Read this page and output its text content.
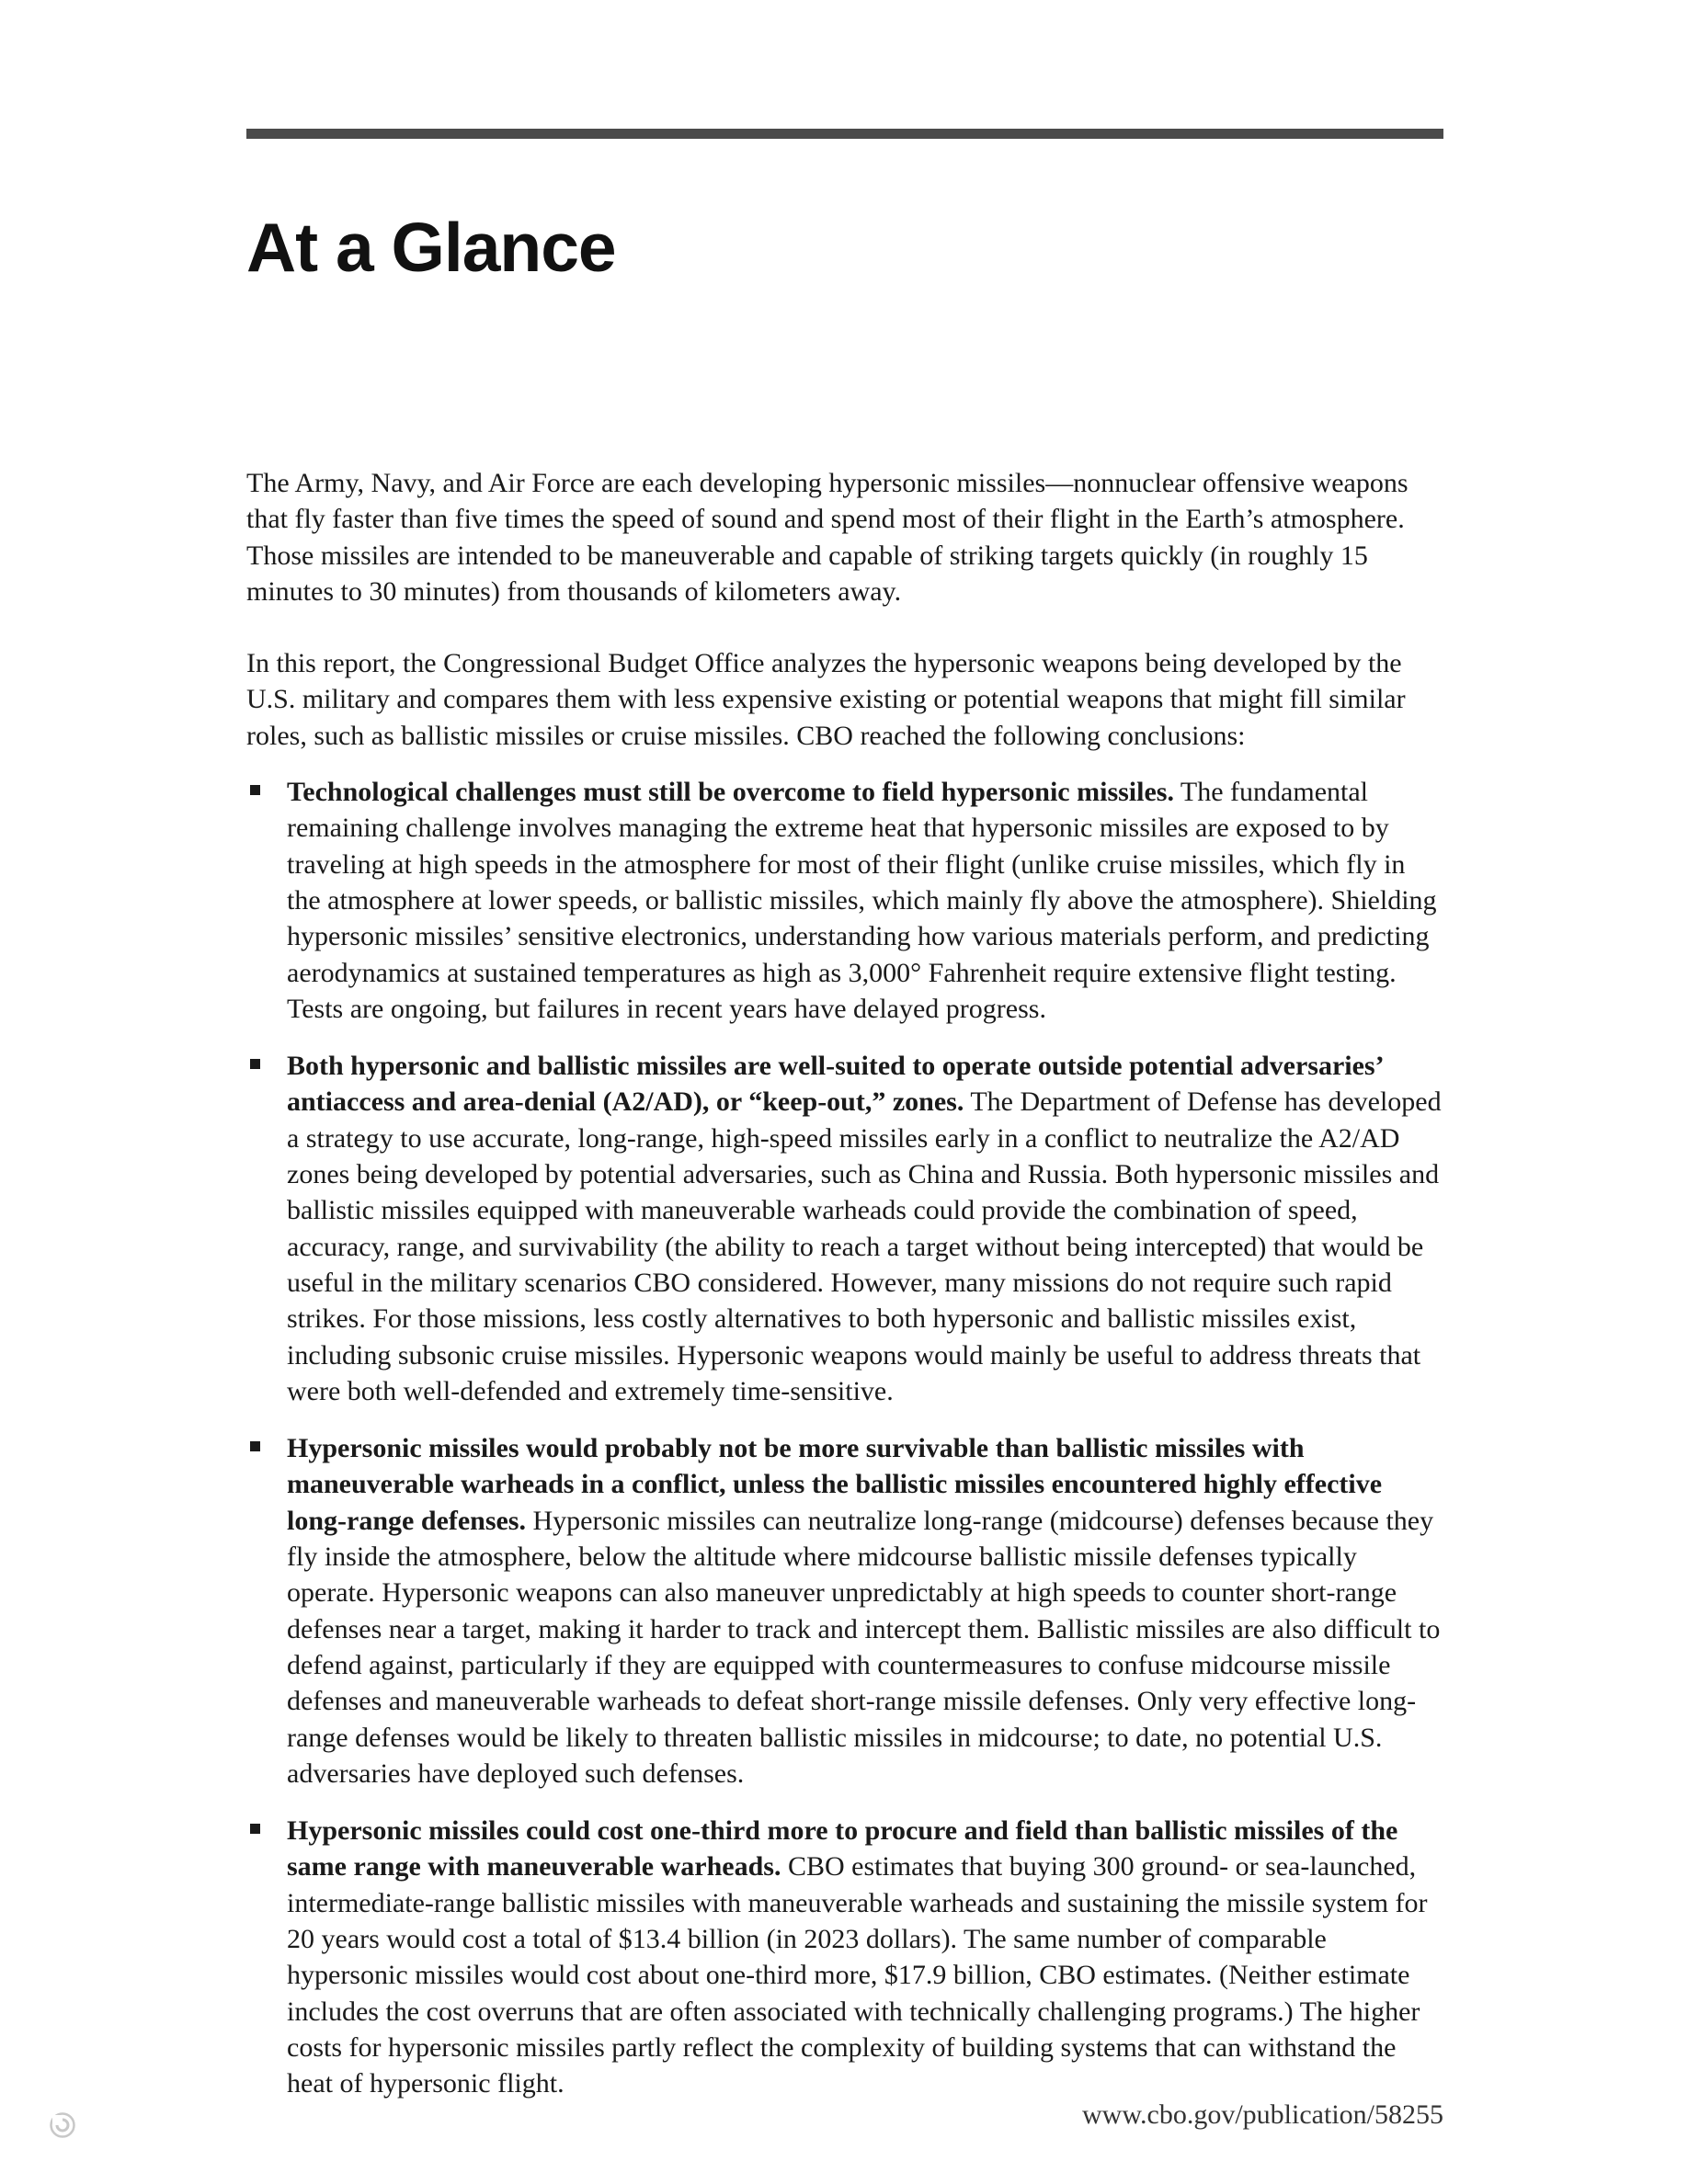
At a Glance

The Army, Navy, and Air Force are each developing hypersonic missiles—nonnuclear offensive weapons that fly faster than five times the speed of sound and spend most of their flight in the Earth’s atmosphere. Those missiles are intended to be maneuverable and capable of striking targets quickly (in roughly 15 minutes to 30 minutes) from thousands of kilometers away.

In this report, the Congressional Budget Office analyzes the hypersonic weapons being developed by the U.S. military and compares them with less expensive existing or potential weapons that might fill similar roles, such as ballistic missiles or cruise missiles. CBO reached the following conclusions:

Technological challenges must still be overcome to field hypersonic missiles. The fundamental remaining challenge involves managing the extreme heat that hypersonic missiles are exposed to by traveling at high speeds in the atmosphere for most of their flight (unlike cruise missiles, which fly in the atmosphere at lower speeds, or ballistic missiles, which mainly fly above the atmosphere). Shielding hypersonic missiles’ sensitive electronics, understanding how various materials perform, and predicting aerodynamics at sustained temperatures as high as 3,000° Fahrenheit require extensive flight testing. Tests are ongoing, but failures in recent years have delayed progress.
Both hypersonic and ballistic missiles are well-suited to operate outside potential adversaries’ antiaccess and area-denial (A2/AD), or “keep-out,” zones. The Department of Defense has developed a strategy to use accurate, long-range, high-speed missiles early in a conflict to neutralize the A2/AD zones being developed by potential adversaries, such as China and Russia. Both hypersonic missiles and ballistic missiles equipped with maneuverable warheads could provide the combination of speed, accuracy, range, and survivability (the ability to reach a target without being intercepted) that would be useful in the military scenarios CBO considered. However, many missions do not require such rapid strikes. For those missions, less costly alternatives to both hypersonic and ballistic missiles exist, including subsonic cruise missiles. Hypersonic weapons would mainly be useful to address threats that were both well-defended and extremely time-sensitive.
Hypersonic missiles would probably not be more survivable than ballistic missiles with maneuverable warheads in a conflict, unless the ballistic missiles encountered highly effective long-range defenses. Hypersonic missiles can neutralize long-range (midcourse) defenses because they fly inside the atmosphere, below the altitude where midcourse ballistic missile defenses typically operate. Hypersonic weapons can also maneuver unpredictably at high speeds to counter short-range defenses near a target, making it harder to track and intercept them. Ballistic missiles are also difficult to defend against, particularly if they are equipped with countermeasures to confuse midcourse missile defenses and maneuverable warheads to defeat short-range missile defenses. Only very effective long-range defenses would be likely to threaten ballistic missiles in midcourse; to date, no potential U.S. adversaries have deployed such defenses.
Hypersonic missiles could cost one-third more to procure and field than ballistic missiles of the same range with maneuverable warheads. CBO estimates that buying 300 ground- or sea-launched, intermediate-range ballistic missiles with maneuverable warheads and sustaining the missile system for 20 years would cost a total of $13.4 billion (in 2023 dollars). The same number of comparable hypersonic missiles would cost about one-third more, $17.9 billion, CBO estimates. (Neither estimate includes the cost overruns that are often associated with technically challenging programs.) The higher costs for hypersonic missiles partly reflect the complexity of building systems that can withstand the heat of hypersonic flight.
www.cbo.gov/publication/58255
